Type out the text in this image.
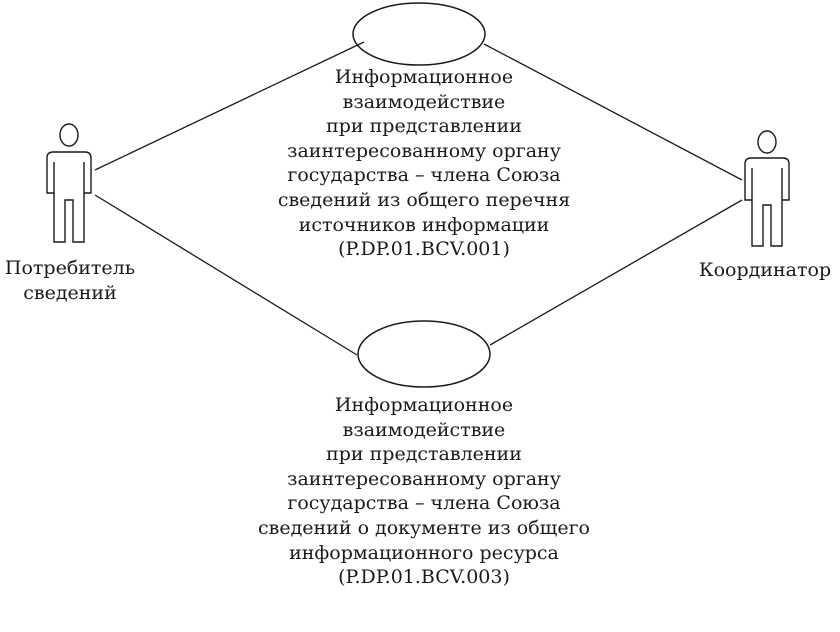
Потребитель
сведений
Координатор
Информационное
взаимодействие
при представлении
заинтересованному органу
государства – члена Союза
сведений из общего перечня
источников информации
(P.DP.01.BCV.001)
Информационное
взаимодействие
при представлении
заинтересованному органу
государства – члена Союза
сведений о документе из общего
информационного ресурса
(P.DP.01.BCV.003)
